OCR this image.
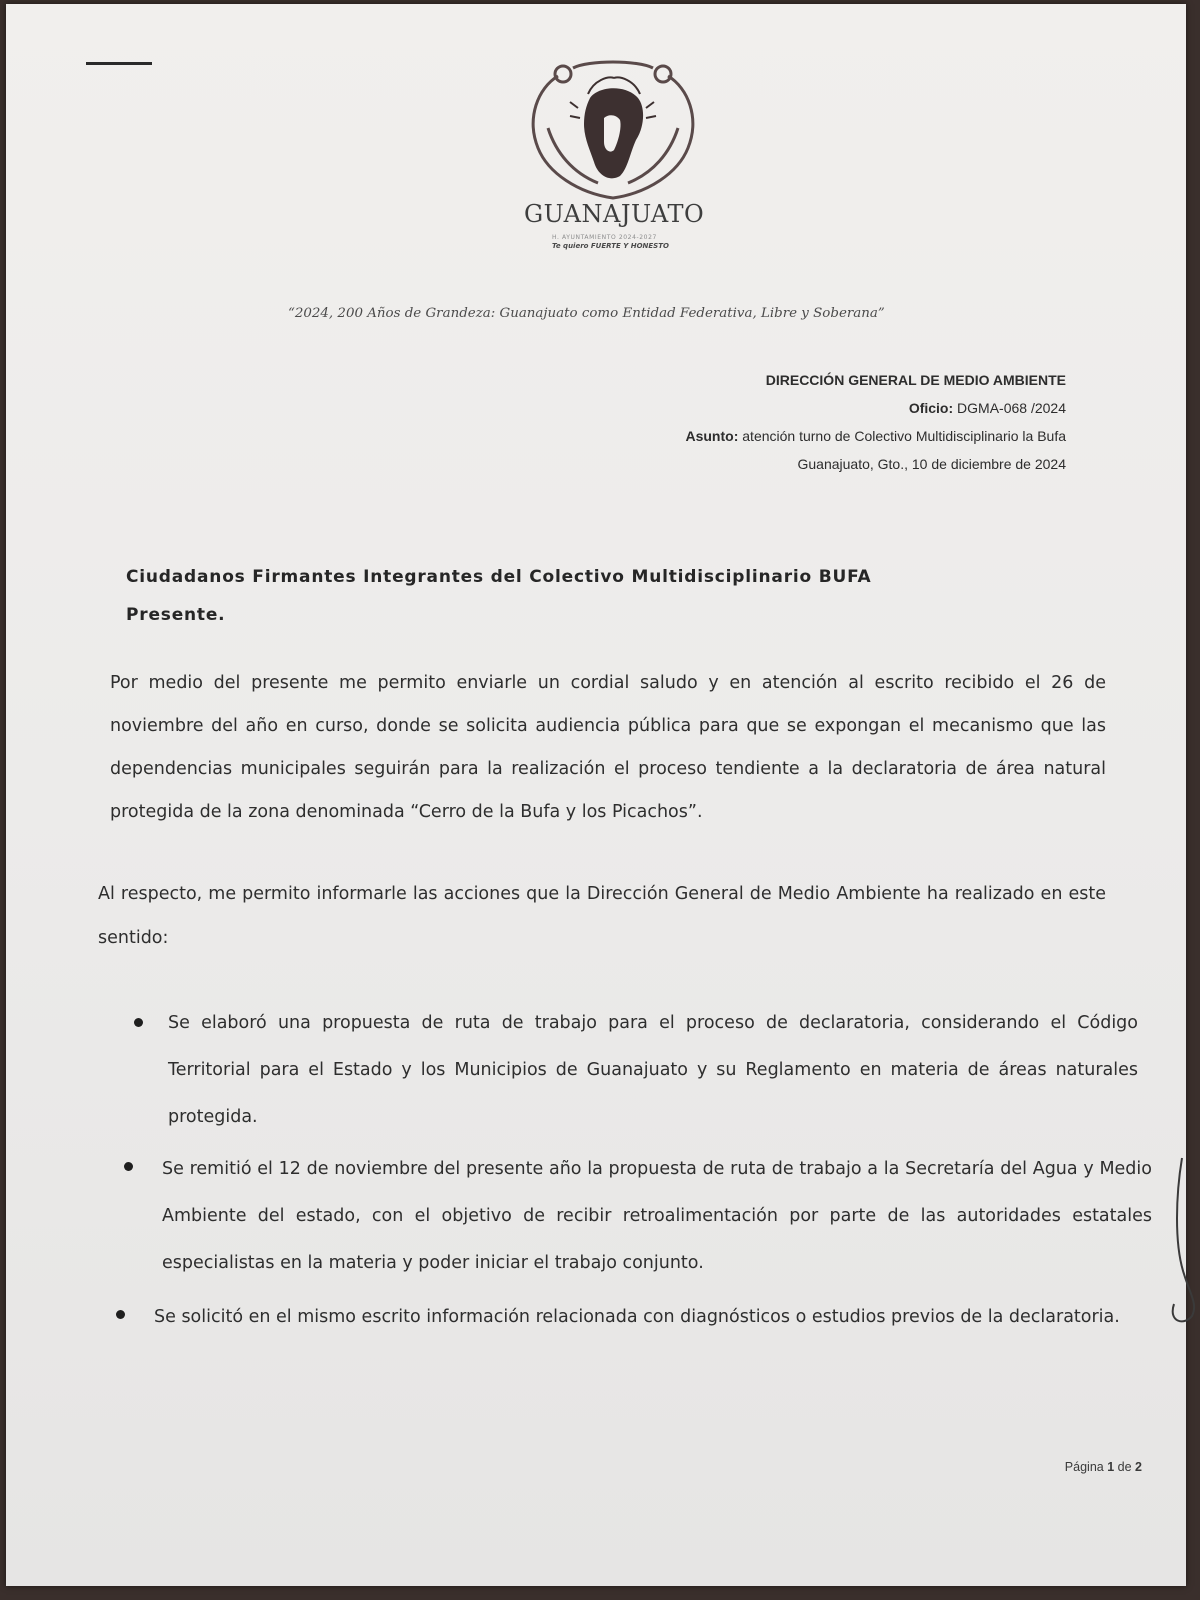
GUANAJUATO
H. AYUNTAMIENTO 2024-2027
Te quiero FUERTE Y HONESTO
“2024, 200 Años de Grandeza: Guanajuato como Entidad Federativa, Libre y Soberana”
DIRECCIÓN GENERAL DE MEDIO AMBIENTE
Oficio: DGMA-068 /2024
Asunto: atención turno de Colectivo Multidisciplinario la Bufa
Guanajuato, Gto., 10 de diciembre de 2024
Ciudadanos Firmantes Integrantes del Colectivo Multidisciplinario BUFA
Presente.
Por medio del presente me permito enviarle un cordial saludo y en atención al escrito recibido el 26 de noviembre del año en curso, donde se solicita audiencia pública para que se expongan el mecanismo que las dependencias municipales seguirán para la realización el proceso tendiente a la declaratoria de área natural protegida de la zona denominada “Cerro de la Bufa y los Picachos”.
Al respecto, me permito informarle las acciones que la Dirección General de Medio Ambiente ha realizado en este sentido:
Se elaboró una propuesta de ruta de trabajo para el proceso de declaratoria, considerando el Código Territorial para el Estado y los Municipios de Guanajuato y su Reglamento en materia de áreas naturales protegida.
Se remitió el 12 de noviembre del presente año la propuesta de ruta de trabajo a la Secretaría del Agua y Medio Ambiente del estado, con el objetivo de recibir retroalimentación por parte de las autoridades estatales especialistas en la materia y poder iniciar el trabajo conjunto.
Se solicitó en el mismo escrito información relacionada con diagnósticos o estudios previos de la declaratoria.
Página 1 de 2
